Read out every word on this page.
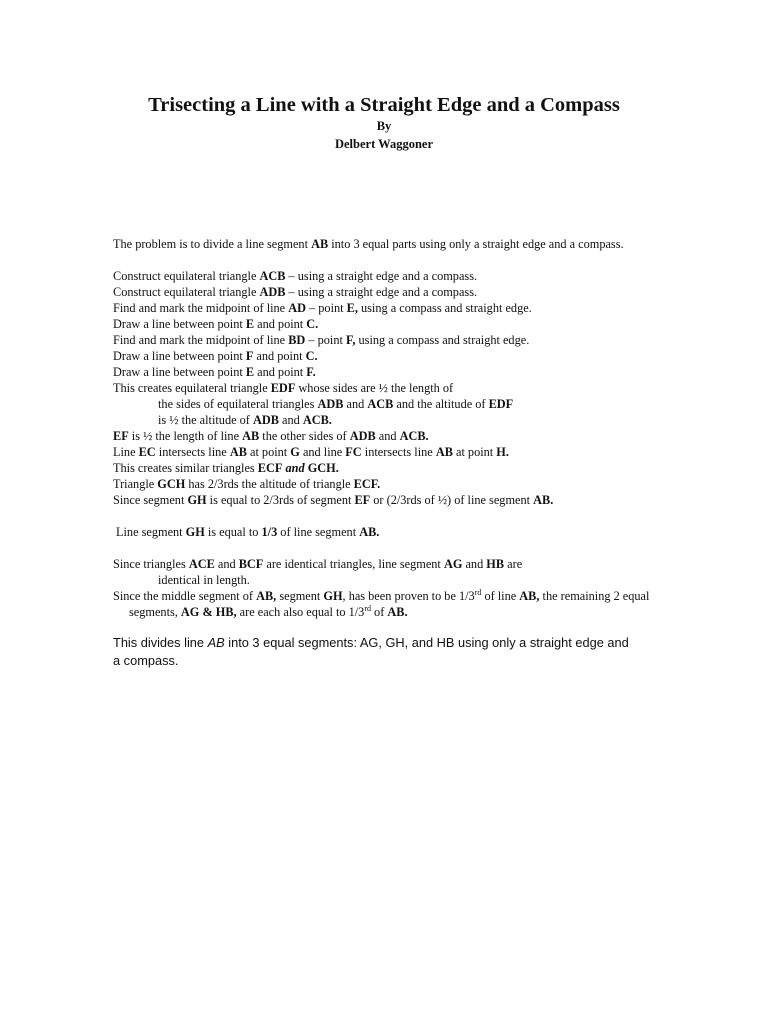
Trisecting a Line with a Straight Edge and a Compass
By
Delbert Waggoner

The problem is to divide a line segment AB into 3 equal parts using only a straight edge and a compass.

Construct equilateral triangle ACB – using a straight edge and a compass.

Construct equilateral triangle ADB – using a straight edge and a compass.

Find and mark the midpoint of line AD – point E, using a compass and straight edge.

Draw a line between point E and point C.

Find and mark the midpoint of line BD – point F, using a compass and straight edge.

Draw a line between point F and point C.

Draw a line between point E and point F.

This creates equilateral triangle EDF whose sides are ½ the length of

the sides of equilateral triangles ADB and ACB and the altitude of EDF

is ½ the altitude of ADB and ACB.

EF is ½ the length of line AB the other sides of ADB and ACB.

Line EC intersects line AB at point G and line FC intersects line AB at point H.

This creates similar triangles ECF and GCH.

Triangle GCH has 2/3rds the altitude of triangle ECF.

Since segment GH is equal to 2/3rds of segment EF or (2/3rds of ½) of line segment AB.

Line segment GH is equal to 1/3 of line segment AB.

Since triangles ACE and BCF are identical triangles, line segment AG and HB are

identical in length.

Since the middle segment of AB, segment GH, has been proven to be 1/3rd of line AB, the remaining 2 equal segments, AG & HB, are each also equal to 1/3rd of AB.

This divides line AB into 3 equal segments: AG, GH, and HB using only a straight edge and a compass.
